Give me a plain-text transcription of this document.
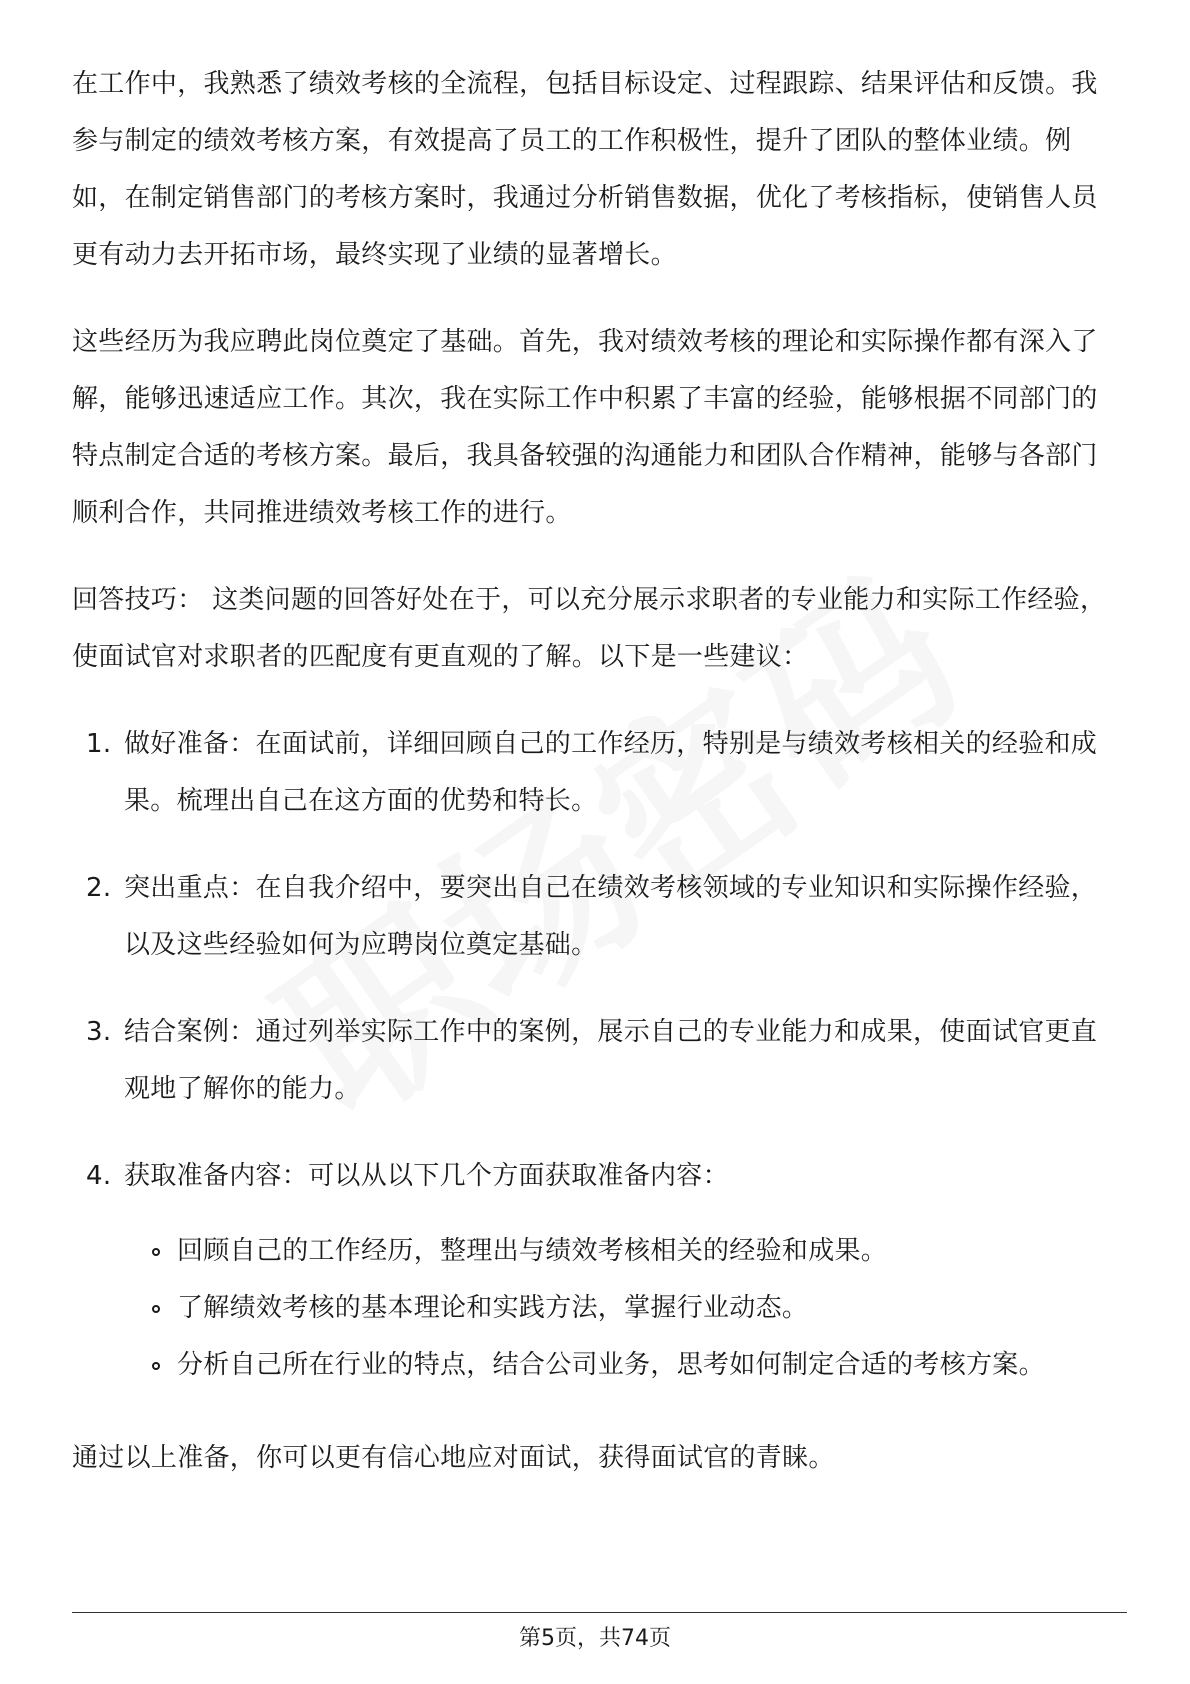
在工作中，我熟悉了绩效考核的全流程，包括目标设定、过程跟踪、结果评估和反馈。我参与制定的绩效考核方案，有效提高了员工的工作积极性，提升了团队的整体业绩。例如，在制定销售部门的考核方案时，我通过分析销售数据，优化了考核指标，使销售人员更有动力去开拓市场，最终实现了业绩的显著增长。

这些经历为我应聘此岗位奠定了基础。首先，我对绩效考核的理论和实际操作都有深入了解，能够迅速适应工作。其次，我在实际工作中积累了丰富的经验，能够根据不同部门的特点制定合适的考核方案。最后，我具备较强的沟通能力和团队合作精神，能够与各部门顺利合作，共同推进绩效考核工作的进行。

回答技巧： 这类问题的回答好处在于，可以充分展示求职者的专业能力和实际工作经验，使面试官对求职者的匹配度有更直观的了解。以下是一些建议：

1. 做好准备：在面试前，详细回顾自己的工作经历，特别是与绩效考核相关的经验和成果。梳理出自己在这方面的优势和特长。
2. 突出重点：在自我介绍中，要突出自己在绩效考核领域的专业知识和实际操作经验，以及这些经验如何为应聘岗位奠定基础。
3. 结合案例：通过列举实际工作中的案例，展示自己的专业能力和成果，使面试官更直观地了解你的能力。
4. 获取准备内容：可以从以下几个方面获取准备内容：
回顾自己的工作经历，整理出与绩效考核相关的经验和成果。
了解绩效考核的基本理论和实践方法，掌握行业动态。
分析自己所在行业的特点，结合公司业务，思考如何制定合适的考核方案。

通过以上准备，你可以更有信心地应对面试，获得面试官的青睐。

第5页，共74页
